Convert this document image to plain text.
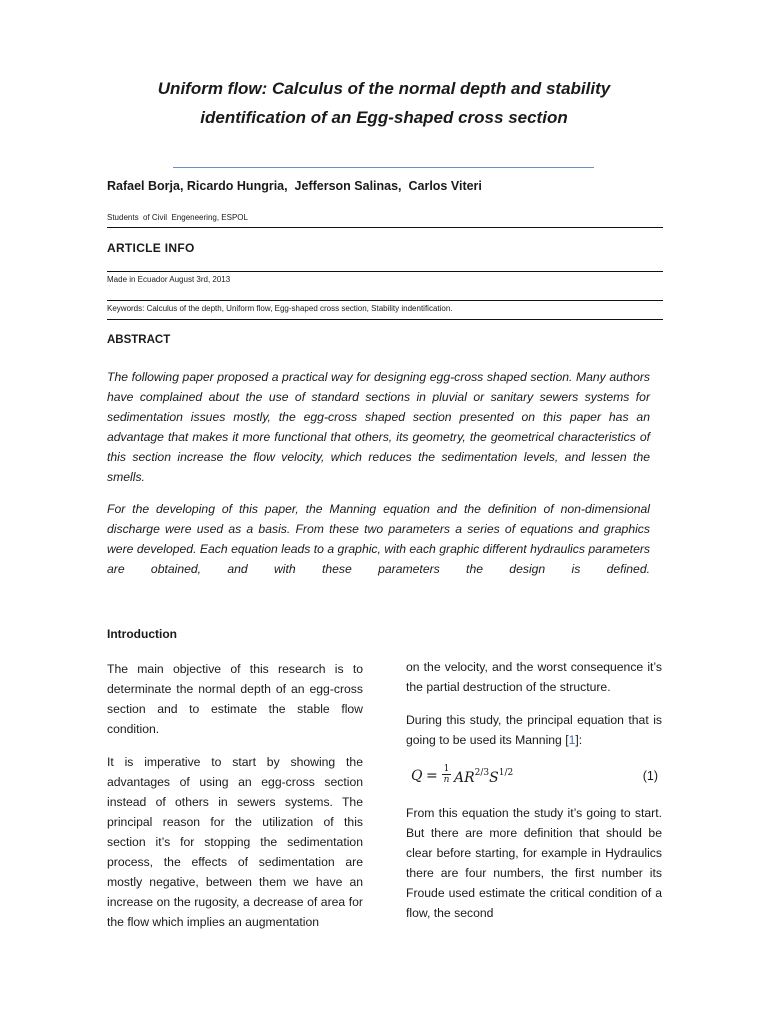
Uniform flow: Calculus of the normal depth and stability identification of an Egg-shaped cross section
Rafael Borja, Ricardo Hungria,  Jefferson Salinas,  Carlos Viteri
Students  of Civil  Engeneering, ESPOL
ARTICLE INFO
Made in Ecuador August 3rd, 2013
Keywords: Calculus of the depth, Uniform flow, Egg-shaped cross section, Stability indentification.
ABSTRACT

The following paper proposed a practical way for designing egg-cross shaped section. Many authors have complained about the use of standard sections in pluvial or sanitary sewers systems for sedimentation issues mostly, the egg-cross shaped section presented on this paper has an advantage that makes it more functional that others, its geometry, the geometrical characteristics of this section increase the flow velocity, which reduces the sedimentation levels, and lessen the smells.

For the developing of this paper, the Manning equation and the definition of non-dimensional discharge were used as a basis. From these two parameters a series of equations and graphics were developed. Each equation leads to a graphic, with each graphic different hydraulics parameters are obtained, and with these parameters the design is defined.

Introduction

The main objective of this research is to determinate the normal depth of an egg-cross section and to estimate the stable flow condition.

It is imperative to start by showing the advantages of using an egg-cross section instead of others in sewers systems. The principal reason for the utilization of this section it’s for stopping the sedimentation process, the effects of sedimentation are mostly negative, between them we have an increase on the rugosity, a decrease of area for the flow which implies an augmentation

on the velocity, and the worst consequence it’s the partial destruction of the structure.

During this study, the principal equation that is going to be used its Manning [1]:

$Q = \frac{1}{n} AR^{2/3}S^{1/2}$	(1)

From this equation the study it’s going to start. But there are more definition that should be clear before starting, for example in Hydraulics there are four numbers, the first number its Froude used estimate the critical condition of a flow, the second
